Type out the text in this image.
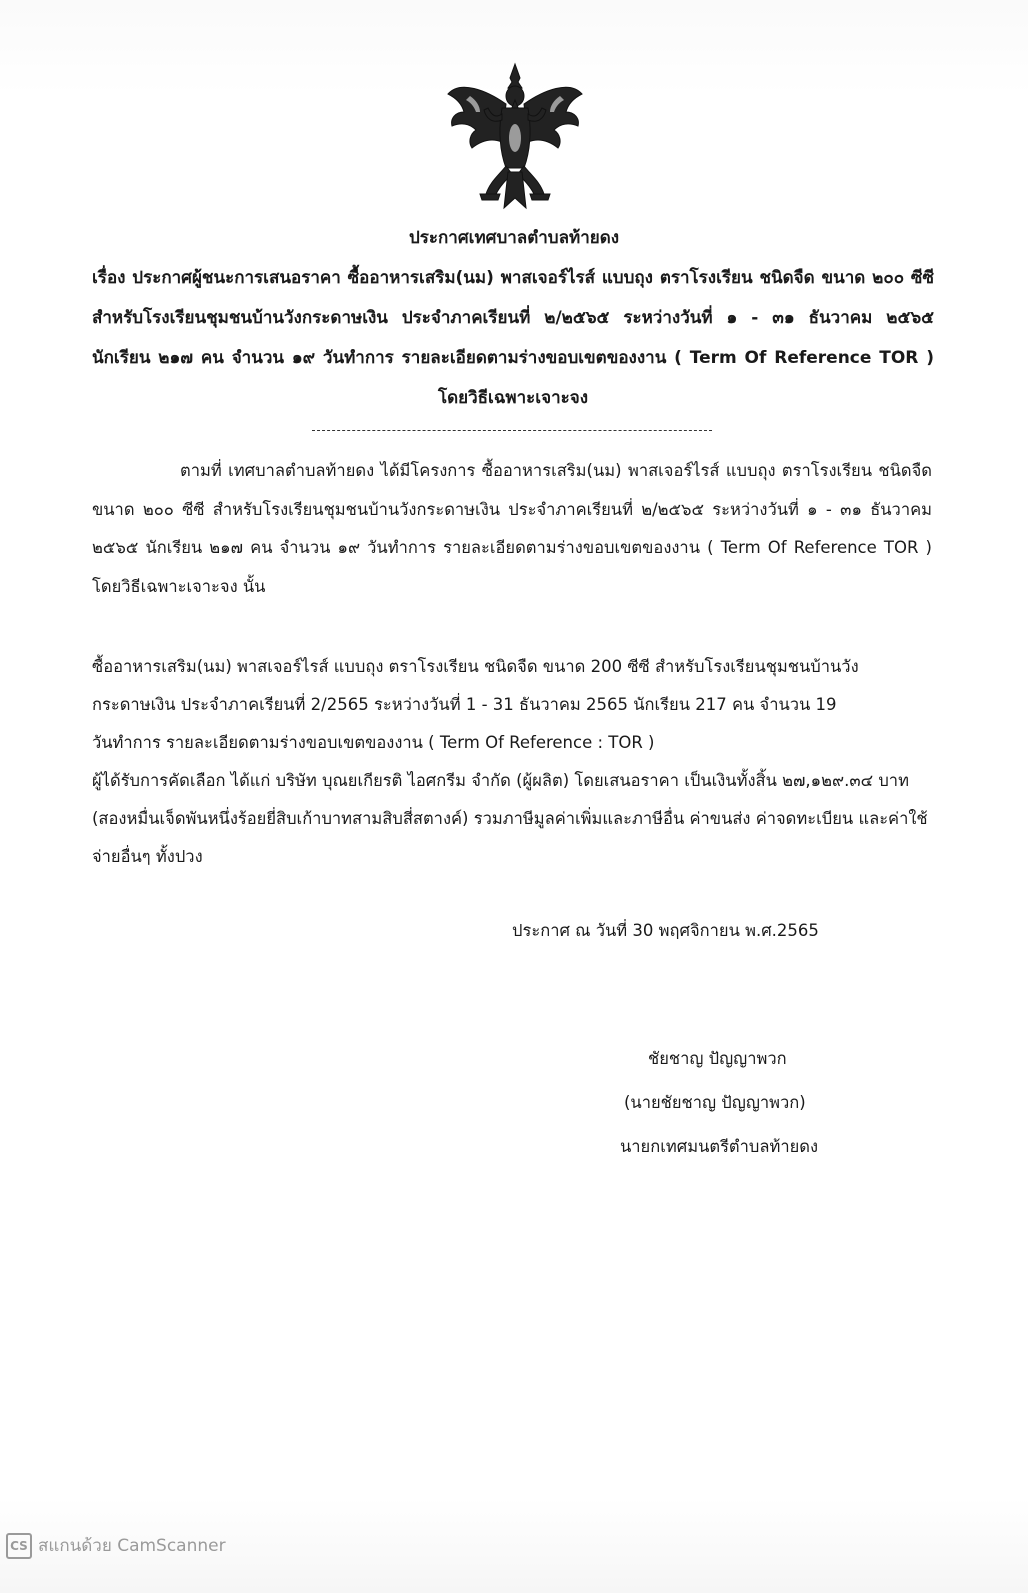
ประกาศเทศบาลตำบลท้ายดง
เรื่อง ประกาศผู้ชนะการเสนอราคา ซื้ออาหารเสริม(นม) พาสเจอร์ไรส์ แบบถุง ตราโรงเรียน ชนิดจืด ขนาด ๒๐๐ ซีซี สำหรับโรงเรียนชุมชนบ้านวังกระดาษเงิน ประจำภาคเรียนที่ ๒/๒๕๖๕ ระหว่างวันที่ ๑ - ๓๑ ธันวาคม ๒๕๖๕ นักเรียน ๒๑๗ คน จำนวน ๑๙ วันทำการ รายละเอียดตามร่างขอบเขตของงาน ( Term Of Reference TOR ) โดยวิธีเฉพาะเจาะจง
ตามที่ เทศบาลตำบลท้ายดง ได้มีโครงการ ซื้ออาหารเสริม(นม) พาสเจอร์ไรส์ แบบถุง ตราโรงเรียน ชนิดจืด ขนาด ๒๐๐ ซีซี สำหรับโรงเรียนชุมชนบ้านวังกระดาษเงิน ประจำภาคเรียนที่ ๒/๒๕๖๕ ระหว่างวันที่ ๑ - ๓๑ ธันวาคม ๒๕๖๕ นักเรียน ๒๑๗ คน จำนวน ๑๙ วันทำการ รายละเอียดตามร่างขอบเขตของงาน ( Term Of Reference TOR ) โดยวิธีเฉพาะเจาะจง นั้น
ซื้ออาหารเสริม(นม) พาสเจอร์ไรส์ แบบถุง ตราโรงเรียน ชนิดจืด ขนาด 200 ซีซี สำหรับโรงเรียนชุมชนบ้านวัง
กระดาษเงิน ประจำภาคเรียนที่ 2/2565 ระหว่างวันที่ 1 - 31 ธันวาคม 2565 นักเรียน 217 คน จำนวน 19
วันทำการ รายละเอียดตามร่างขอบเขตของงาน ( Term Of Reference : TOR )
ผู้ได้รับการคัดเลือก ได้แก่ บริษัท บุณยเกียรติ ไอศกรีม จำกัด (ผู้ผลิต) โดยเสนอราคา เป็นเงินทั้งสิ้น ๒๗,๑๒๙.๓๔ บาท (สองหมื่นเจ็ดพันหนึ่งร้อยยี่สิบเก้าบาทสามสิบสี่สตางค์) รวมภาษีมูลค่าเพิ่มและภาษีอื่น ค่าขนส่ง ค่าจดทะเบียน และค่าใช้จ่ายอื่นๆ ทั้งปวง
ประกาศ ณ วันที่ 30 พฤศจิกายน พ.ศ.2565
ชัยชาญ ปัญญาพวก
(นายชัยชาญ ปัญญาพวก)
นายกเทศมนตรีตำบลท้ายดง
CS สแกนด้วย CamScanner
